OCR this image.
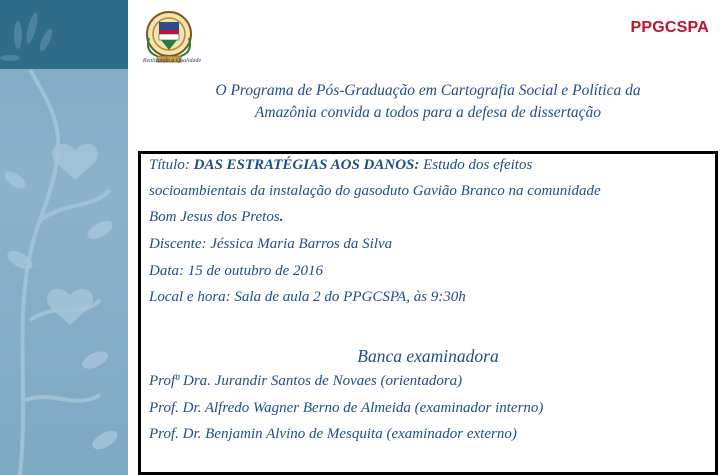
Realizando a Qualidade
PPGCSPA
O Programa de Pós-Graduação em Cartografia Social e Política da
Amazônia convida a todos para a defesa de dissertação
Título: DAS ESTRATÉGIAS AOS DANOS: Estudo dos efeitos
socioambientais da instalação do gasoduto Gavião Branco na comunidade
Bom Jesus dos Pretos.
Discente: Jéssica Maria Barros da Silva
Data: 15 de outubro de 2016
Local e hora: Sala de aula 2 do PPGCSPA, às 9:30h
Banca examinadora
Profª Dra. Jurandir Santos de Novaes (orientadora)
Prof. Dr. Alfredo Wagner Berno de Almeida (examinador interno)
Prof. Dr. Benjamin Alvino de Mesquita (examinador externo)
